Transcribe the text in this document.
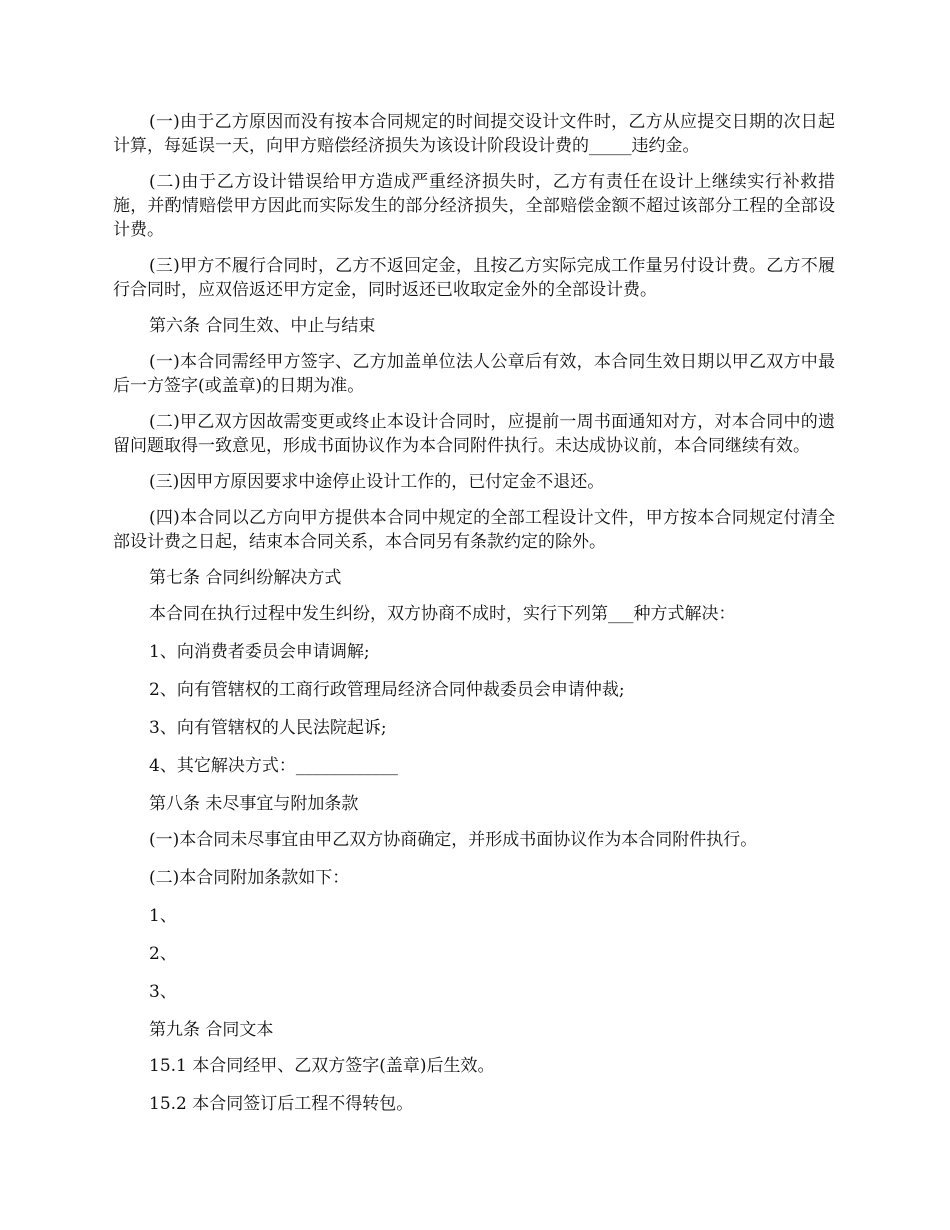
(一)由于乙方原因而没有按本合同规定的时间提交设计文件时，乙方从应提交日期的次日起计算，每延误一天，向甲方赔偿经济损失为该设计阶段设计费的_____违约金。

(二)由于乙方设计错误给甲方造成严重经济损失时，乙方有责任在设计上继续实行补救措施，并酌情赔偿甲方因此而实际发生的部分经济损失，全部赔偿金额不超过该部分工程的全部设计费。

(三)甲方不履行合同时，乙方不返回定金，且按乙方实际完成工作量另付设计费。乙方不履行合同时，应双倍返还甲方定金，同时返还已收取定金外的全部设计费。

第六条 合同生效、中止与结束

(一)本合同需经甲方签字、乙方加盖单位法人公章后有效，本合同生效日期以甲乙双方中最后一方签字(或盖章)的日期为准。

(二)甲乙双方因故需变更或终止本设计合同时，应提前一周书面通知对方，对本合同中的遗留问题取得一致意见，形成书面协议作为本合同附件执行。未达成协议前，本合同继续有效。

(三)因甲方原因要求中途停止设计工作的，已付定金不退还。

(四)本合同以乙方向甲方提供本合同中规定的全部工程设计文件，甲方按本合同规定付清全部设计费之日起，结束本合同关系，本合同另有条款约定的除外。

第七条 合同纠纷解决方式

本合同在执行过程中发生纠纷，双方协商不成时，实行下列第___种方式解决：

1、向消费者委员会申请调解;

2、向有管辖权的工商行政管理局经济合同仲裁委员会申请仲裁;

3、向有管辖权的人民法院起诉;

4、其它解决方式：____________

第八条 未尽事宜与附加条款

(一)本合同未尽事宜由甲乙双方协商确定，并形成书面协议作为本合同附件执行。

(二)本合同附加条款如下：

1、

2、

3、

第九条 合同文本

15.1 本合同经甲、乙双方签字(盖章)后生效。

15.2 本合同签订后工程不得转包。
